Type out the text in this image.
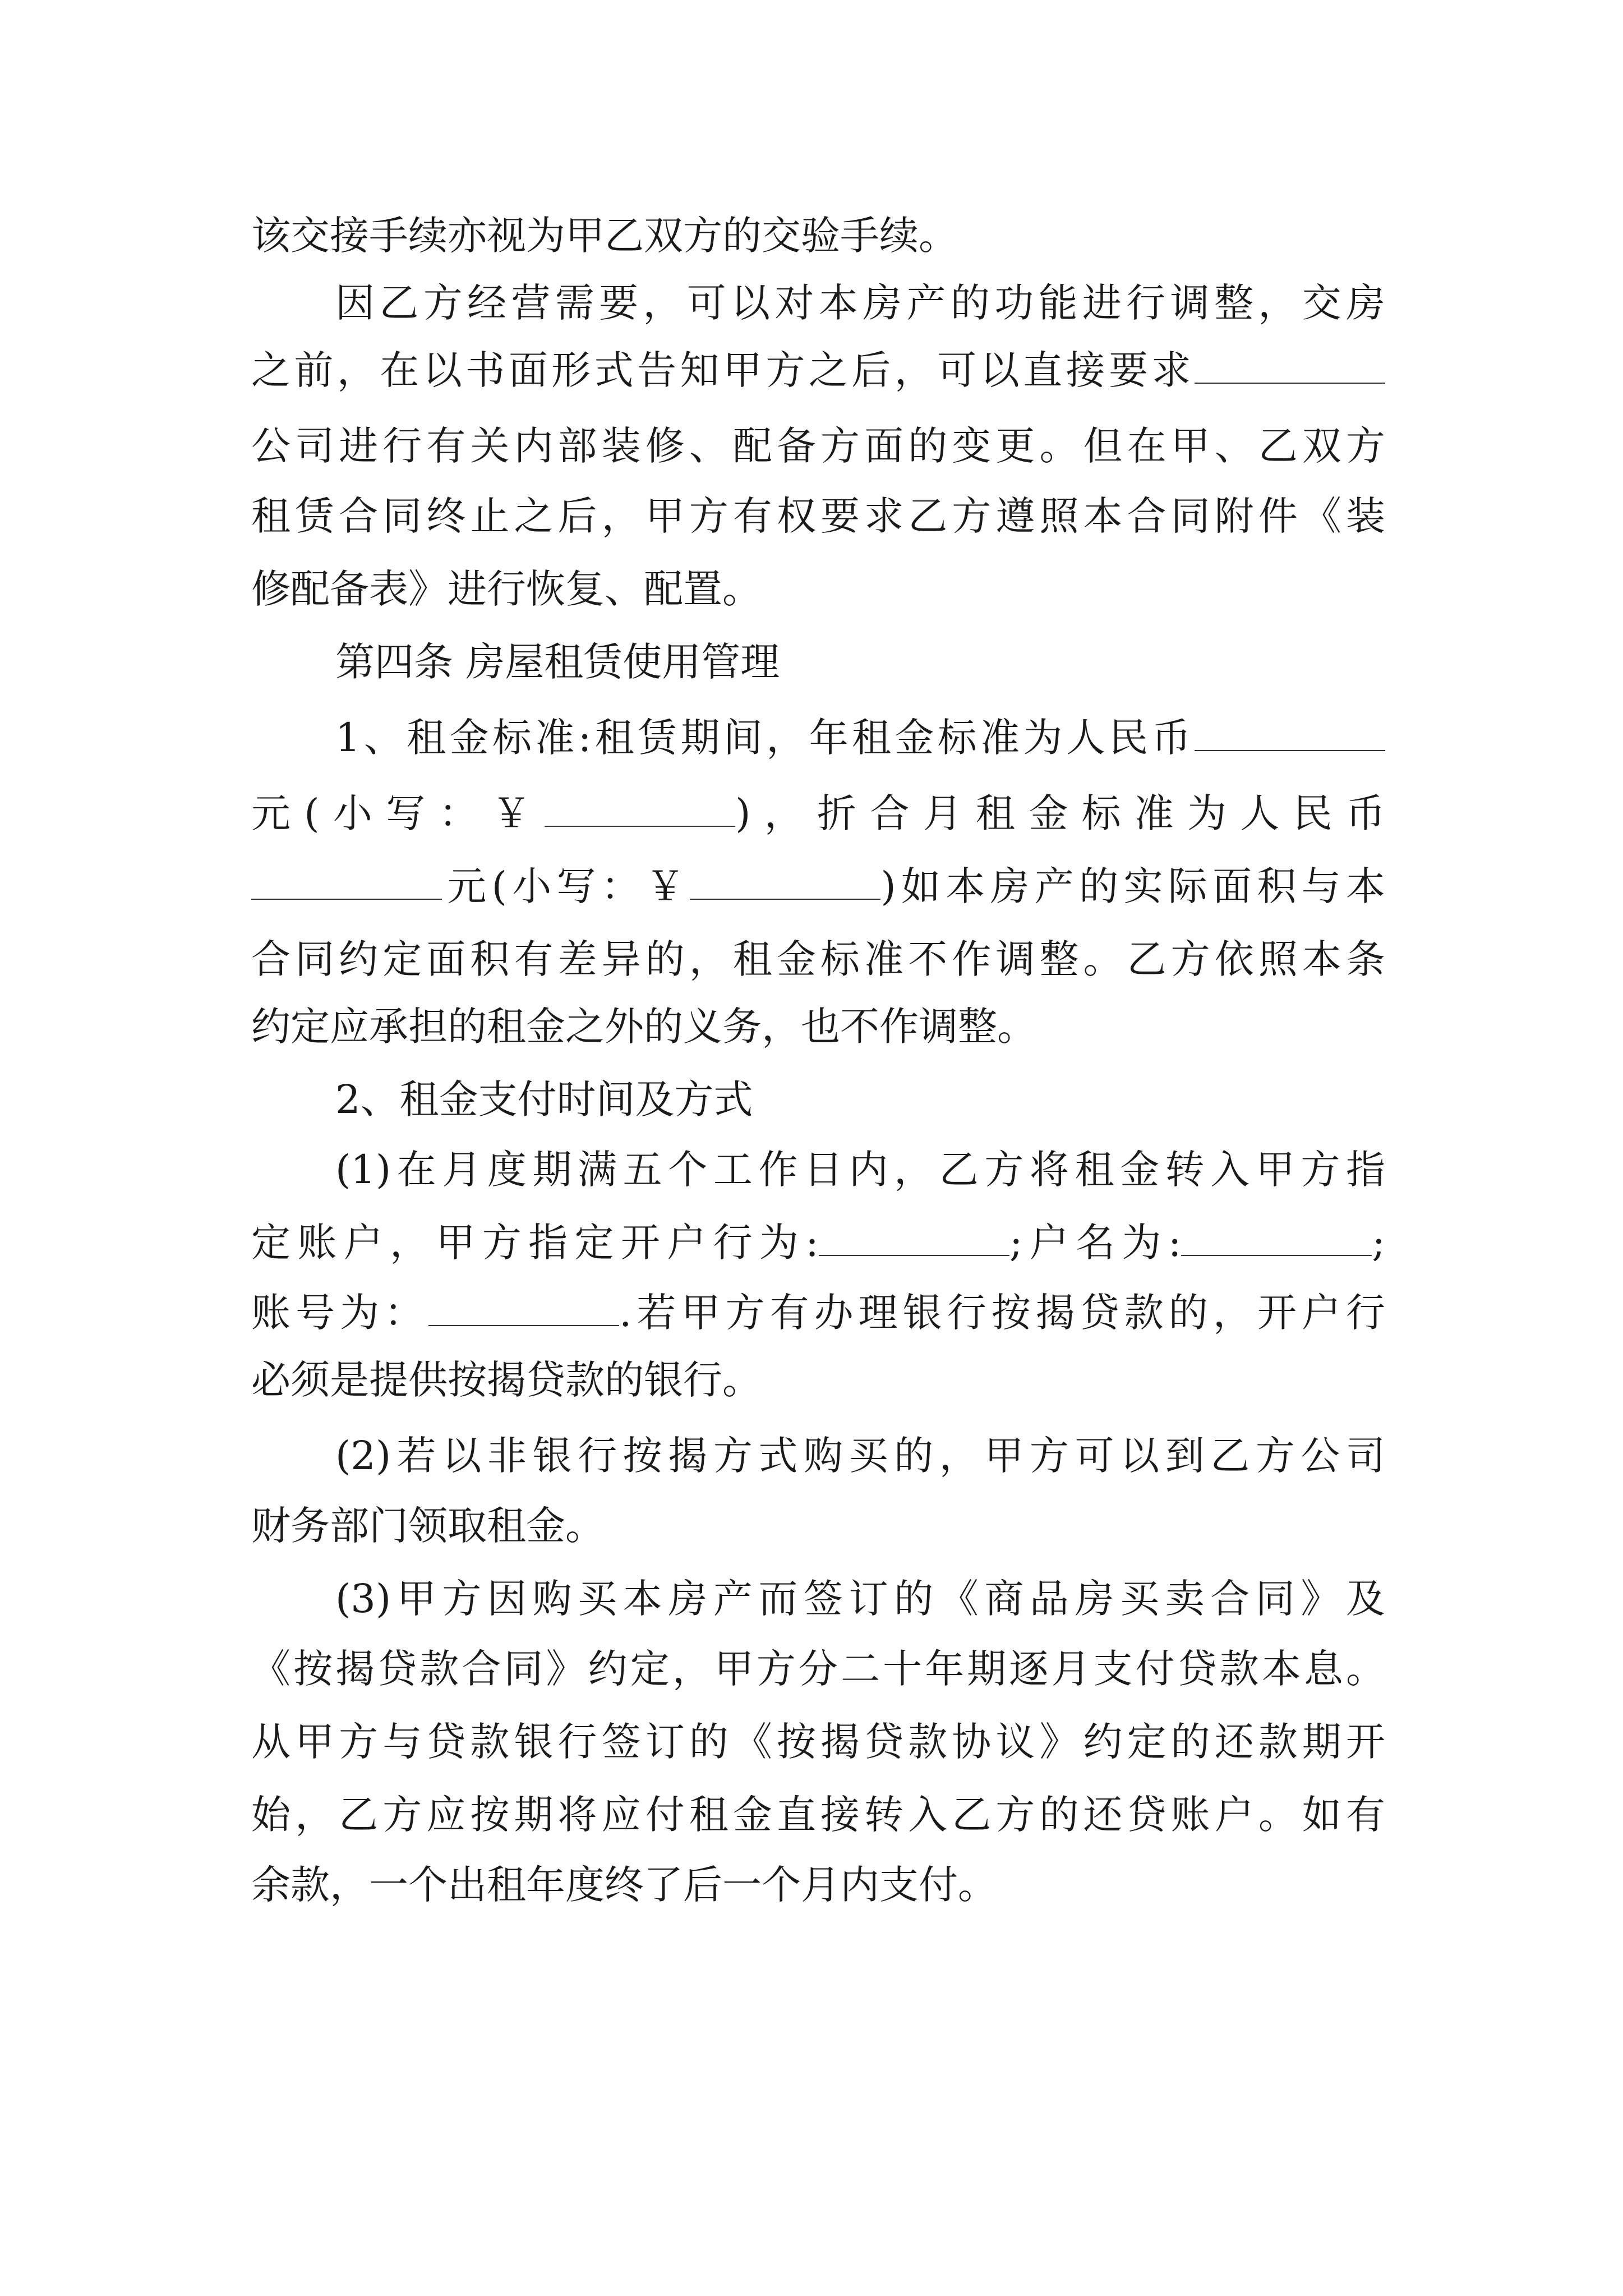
该交接手续亦视为甲乙双方的交验手续。
因乙方经营需要，可以对本房产的功能进行调整，交房
之前，在以书面形式告知甲方之后，可以直接要求
公司进行有关内部装修、配备方面的变更。但在甲、乙双方
租赁合同终止之后，甲方有权要求乙方遵照本合同附件《装
修配备表》进行恢复、配置。
第四条 房屋租赁使用管理
1、租金标准:租赁期间，年租金标准为人民币
元(小写：￥	)，折合月租金标准为人民币
元(小写：￥	)如本房产的实际面积与本
合同约定面积有差异的，租金标准不作调整。乙方依照本条
约定应承担的租金之外的义务，也不作调整。
2、租金支付时间及方式
(1)在月度期满五个工作日内，乙方将租金转入甲方指
定账户，甲方指定开户行为:	;户名为:	;
账号为：	.若甲方有办理银行按揭贷款的，开户行
必须是提供按揭贷款的银行。
(2)若以非银行按揭方式购买的，甲方可以到乙方公司
财务部门领取租金。
(3)甲方因购买本房产而签订的《商品房买卖合同》及
《按揭贷款合同》约定，甲方分二十年期逐月支付贷款本息。
从甲方与贷款银行签订的《按揭贷款协议》约定的还款期开
始，乙方应按期将应付租金直接转入乙方的还贷账户。如有
余款，一个出租年度终了后一个月内支付。
